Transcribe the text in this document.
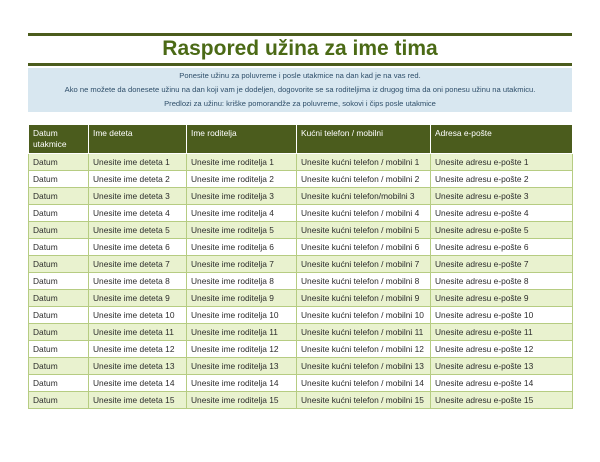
Raspored užina za ime tima
Ponesite užinu za poluvreme i posle utakmice na dan kad je na vas red.
Ako ne možete da donesete užinu na dan koji vam je dodeljen, dogovorite se sa roditeljima iz drugog tima da oni ponesu užinu na utakmicu.
Predlozi za užinu: kriške pomorandže za poluvreme, sokovi i čips posle utakmice
Datum utakmice	Ime deteta	Ime roditelja	Kućni telefon / mobilni	Adresa e-pošte
Datum	Unesite ime deteta 1	Unesite ime roditelja 1	Unesite kućni telefon / mobilni 1	Unesite adresu e-pošte 1
Datum	Unesite ime deteta 2	Unesite ime roditelja 2	Unesite kućni telefon / mobilni 2	Unesite adresu e-pošte 2
Datum	Unesite ime deteta 3	Unesite ime roditelja 3	Unesite kućni telefon/mobilni 3	Unesite adresu e-pošte 3
Datum	Unesite ime deteta 4	Unesite ime roditelja 4	Unesite kućni telefon / mobilni 4	Unesite adresu e-pošte 4
Datum	Unesite ime deteta 5	Unesite ime roditelja 5	Unesite kućni telefon / mobilni 5	Unesite adresu e-pošte 5
Datum	Unesite ime deteta 6	Unesite ime roditelja 6	Unesite kućni telefon / mobilni 6	Unesite adresu e-pošte 6
Datum	Unesite ime deteta 7	Unesite ime roditelja 7	Unesite kućni telefon / mobilni 7	Unesite adresu e-pošte 7
Datum	Unesite ime deteta 8	Unesite ime roditelja 8	Unesite kućni telefon / mobilni 8	Unesite adresu e-pošte 8
Datum	Unesite ime deteta 9	Unesite ime roditelja 9	Unesite kućni telefon / mobilni 9	Unesite adresu e-pošte 9
Datum	Unesite ime deteta 10	Unesite ime roditelja 10	Unesite kućni telefon / mobilni 10	Unesite adresu e-pošte 10
Datum	Unesite ime deteta 11	Unesite ime roditelja 11	Unesite kućni telefon / mobilni 11	Unesite adresu e-pošte 11
Datum	Unesite ime deteta 12	Unesite ime roditelja 12	Unesite kućni telefon / mobilni 12	Unesite adresu e-pošte 12
Datum	Unesite ime deteta 13	Unesite ime roditelja 13	Unesite kućni telefon / mobilni 13	Unesite adresu e-pošte 13
Datum	Unesite ime deteta 14	Unesite ime roditelja 14	Unesite kućni telefon / mobilni 14	Unesite adresu e-pošte 14
Datum	Unesite ime deteta 15	Unesite ime roditelja 15	Unesite kućni telefon / mobilni 15	Unesite adresu e-pošte 15
